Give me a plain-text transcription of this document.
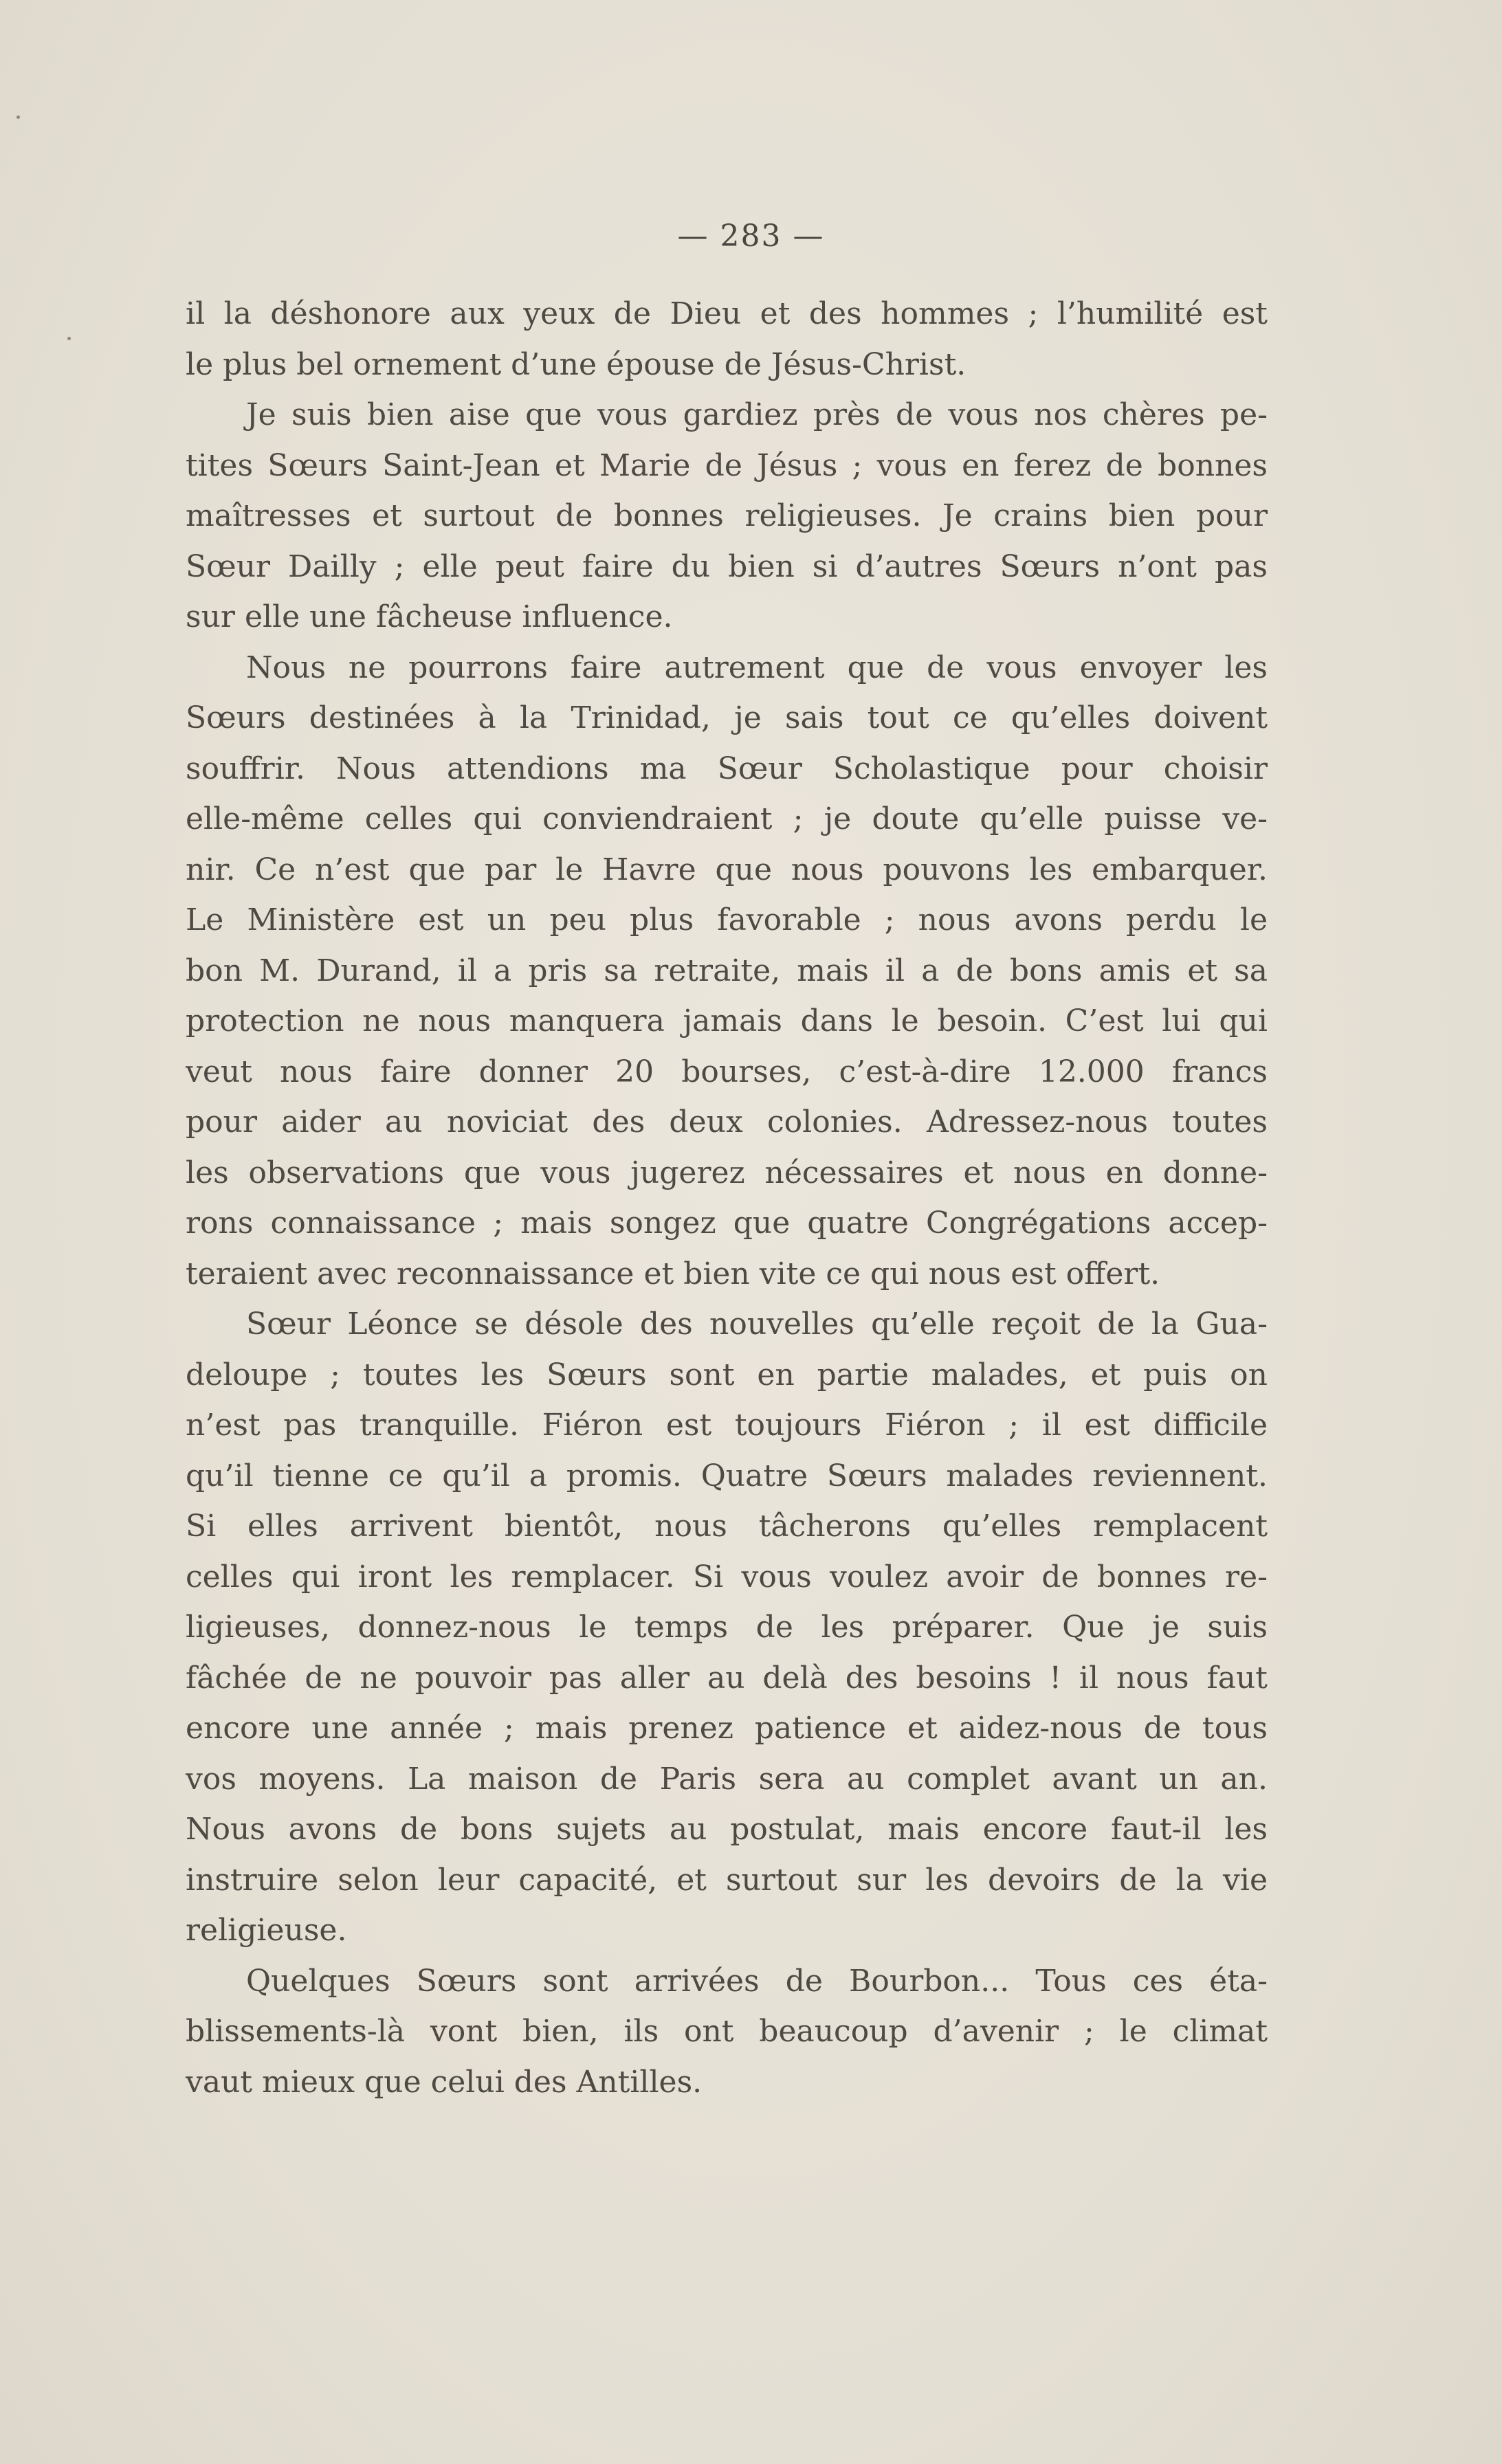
— 283 —
il la déshonore aux yeux de Dieu et des hommes ; l’humilité est
le plus bel ornement d’une épouse de Jésus-Christ.
Je suis bien aise que vous gardiez près de vous nos chères pe-
tites Sœurs Saint-Jean et Marie de Jésus ; vous en ferez de bonnes
maîtresses et surtout de bonnes religieuses. Je crains bien pour
Sœur Dailly ; elle peut faire du bien si d’autres Sœurs n’ont pas
sur elle une fâcheuse influence.
Nous ne pourrons faire autrement que de vous envoyer les
Sœurs destinées à la Trinidad, je sais tout ce qu’elles doivent
souffrir. Nous attendions ma Sœur Scholastique pour choisir
elle-même celles qui conviendraient ; je doute qu’elle puisse ve-
nir. Ce n’est que par le Havre que nous pouvons les embarquer.
Le Ministère est un peu plus favorable ; nous avons perdu le
bon M. Durand, il a pris sa retraite, mais il a de bons amis et sa
protection ne nous manquera jamais dans le besoin. C’est lui qui
veut nous faire donner 20 bourses, c’est-à-dire 12.000 francs
pour aider au noviciat des deux colonies. Adressez-nous toutes
les observations que vous jugerez nécessaires et nous en donne-
rons connaissance ; mais songez que quatre Congrégations accep-
teraient avec reconnaissance et bien vite ce qui nous est offert.
Sœur Léonce se désole des nouvelles qu’elle reçoit de la Gua-
deloupe ; toutes les Sœurs sont en partie malades, et puis on
n’est pas tranquille. Fiéron est toujours Fiéron ; il est difficile
qu’il tienne ce qu’il a promis. Quatre Sœurs malades reviennent.
Si elles arrivent bientôt, nous tâcherons qu’elles remplacent
celles qui iront les remplacer. Si vous voulez avoir de bonnes re-
ligieuses, donnez-nous le temps de les préparer. Que je suis
fâchée de ne pouvoir pas aller au delà des besoins ! il nous faut
encore une année ; mais prenez patience et aidez-nous de tous
vos moyens. La maison de Paris sera au complet avant un an.
Nous avons de bons sujets au postulat, mais encore faut-il les
instruire selon leur capacité, et surtout sur les devoirs de la vie
religieuse.
Quelques Sœurs sont arrivées de Bourbon... Tous ces éta-
blissements-là vont bien, ils ont beaucoup d’avenir ; le climat
vaut mieux que celui des Antilles.
